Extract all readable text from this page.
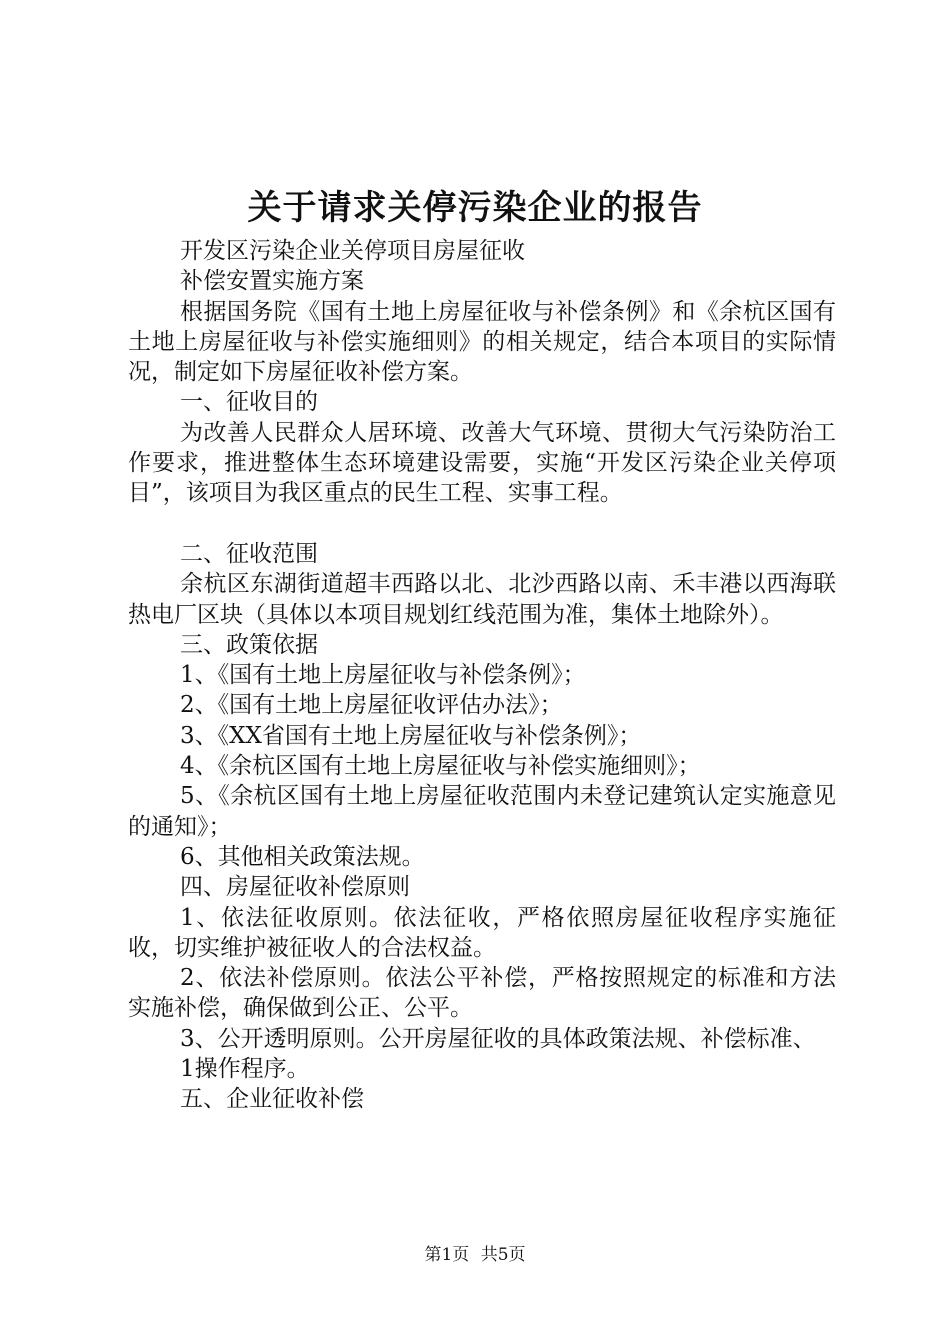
关于请求关停污染企业的报告

开发区污染企业关停项目房屋征收

补偿安置实施方案

根据国务院《国有土地上房屋征收与补偿条例》和《余杭区国有土地上房屋征收与补偿实施细则》的相关规定，结合本项目的实际情况，制定如下房屋征收补偿方案。

一、征收目的

为改善人民群众人居环境、改善大气环境、贯彻大气污染防治工作要求，推进整体生态环境建设需要，实施“开发区污染企业关停项目”，该项目为我区重点的民生工程、实事工程。

二、征收范围

余杭区东湖街道超丰西路以北、北沙西路以南、禾丰港以西海联热电厂区块（具体以本项目规划红线范围为准，集体土地除外）。

三、政策依据

1、《国有土地上房屋征收与补偿条例》；

2、《国有土地上房屋征收评估办法》；

3、《XX省国有土地上房屋征收与补偿条例》；

4、《余杭区国有土地上房屋征收与补偿实施细则》；

5、《余杭区国有土地上房屋征收范围内未登记建筑认定实施意见的通知》；

6、其他相关政策法规。

四、房屋征收补偿原则

1、依法征收原则。依法征收，严格依照房屋征收程序实施征收，切实维护被征收人的合法权益。

2、依法补偿原则。依法公平补偿，严格按照规定的标准和方法实施补偿，确保做到公正、公平。

3、公开透明原则。公开房屋征收的具体政策法规、补偿标准、

1操作程序。

五、企业征收补偿

第1页 共5页
